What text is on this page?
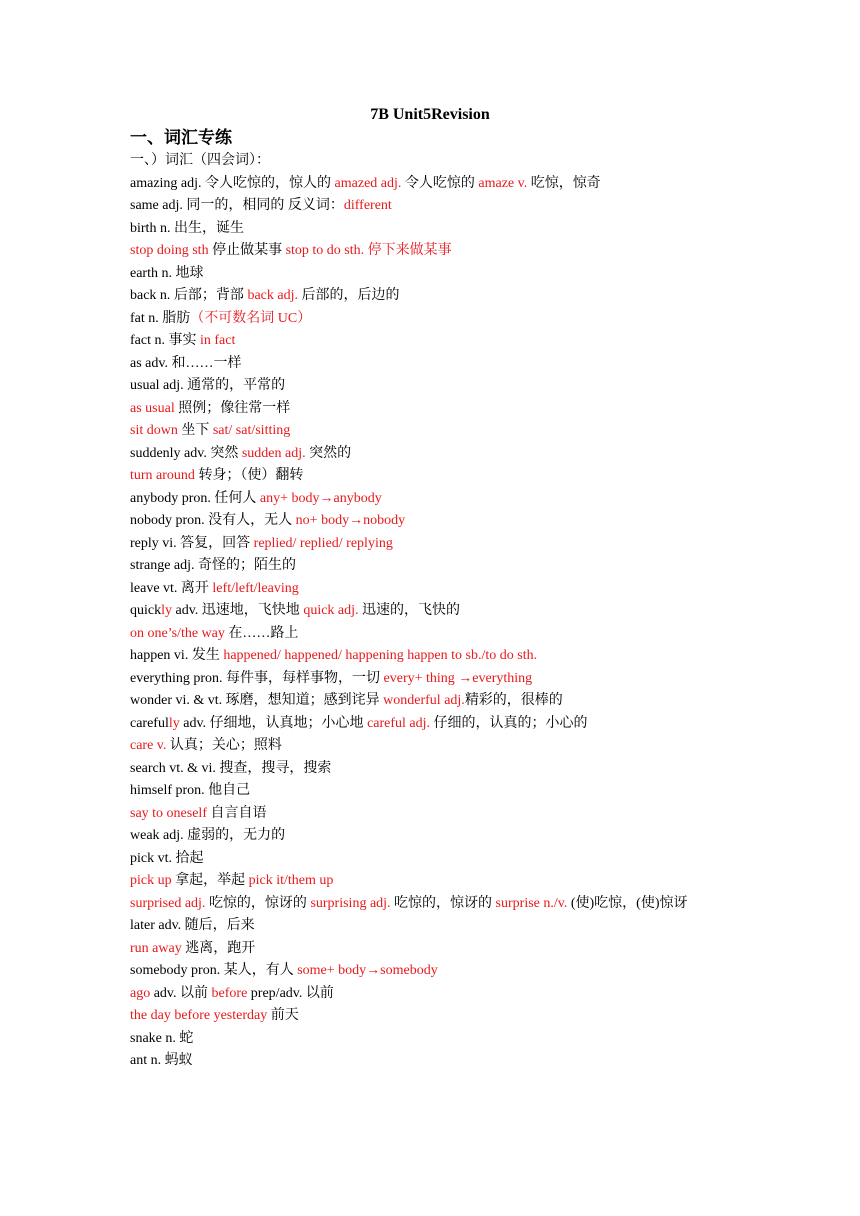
7B Unit5Revision
一、词汇专练
一、）词汇（四会词）：
amazing adj. 令人吃惊的，惊人的 amazed adj. 令人吃惊的 amaze v. 吃惊，惊奇
same adj. 同一的，相同的 反义词：different
birth n. 出生，诞生
stop doing sth 停止做某事 stop to do sth. 停下来做某事
earth n. 地球
back n. 后部；背部 back adj. 后部的，后边的
fat n. 脂肪（不可数名词 UC）
fact n. 事实 in fact
as adv. 和……一样
usual adj. 通常的，平常的
as usual 照例；像往常一样
sit down 坐下 sat/ sat/sitting
suddenly adv. 突然 sudden adj. 突然的
turn around 转身；（使）翻转
anybody pron. 任何人 any+ body→anybody
nobody pron. 没有人，无人 no+ body→nobody
reply vi. 答复，回答 replied/ replied/ replying
strange adj. 奇怪的；陌生的
leave vt. 离开 left/left/leaving
quickly adv. 迅速地，飞快地 quick adj. 迅速的，飞快的
on one’s/the way 在……路上
happen vi. 发生 happened/ happened/ happening happen to sb./to do sth.
everything pron. 每件事，每样事物，一切 every+ thing →everything
wonder vi. & vt. 琢磨，想知道；感到诧异 wonderful adj.精彩的，很棒的
carefully adv. 仔细地，认真地；小心地 careful adj. 仔细的，认真的；小心的
care v. 认真；关心；照料
search vt. & vi. 搜查，搜寻，搜索
himself pron. 他自己
say to oneself 自言自语
weak adj. 虚弱的，无力的
pick vt. 拾起
pick up 拿起，举起 pick it/them up
surprised adj. 吃惊的，惊讶的 surprising adj. 吃惊的，惊讶的 surprise n./v. (使)吃惊，(使)惊讶
later adv. 随后，后来
run away 逃离，跑开
somebody pron. 某人，有人 some+ body→somebody
ago adv. 以前 before prep/adv. 以前
the day before yesterday 前天
snake n. 蛇
ant n. 蚂蚁
